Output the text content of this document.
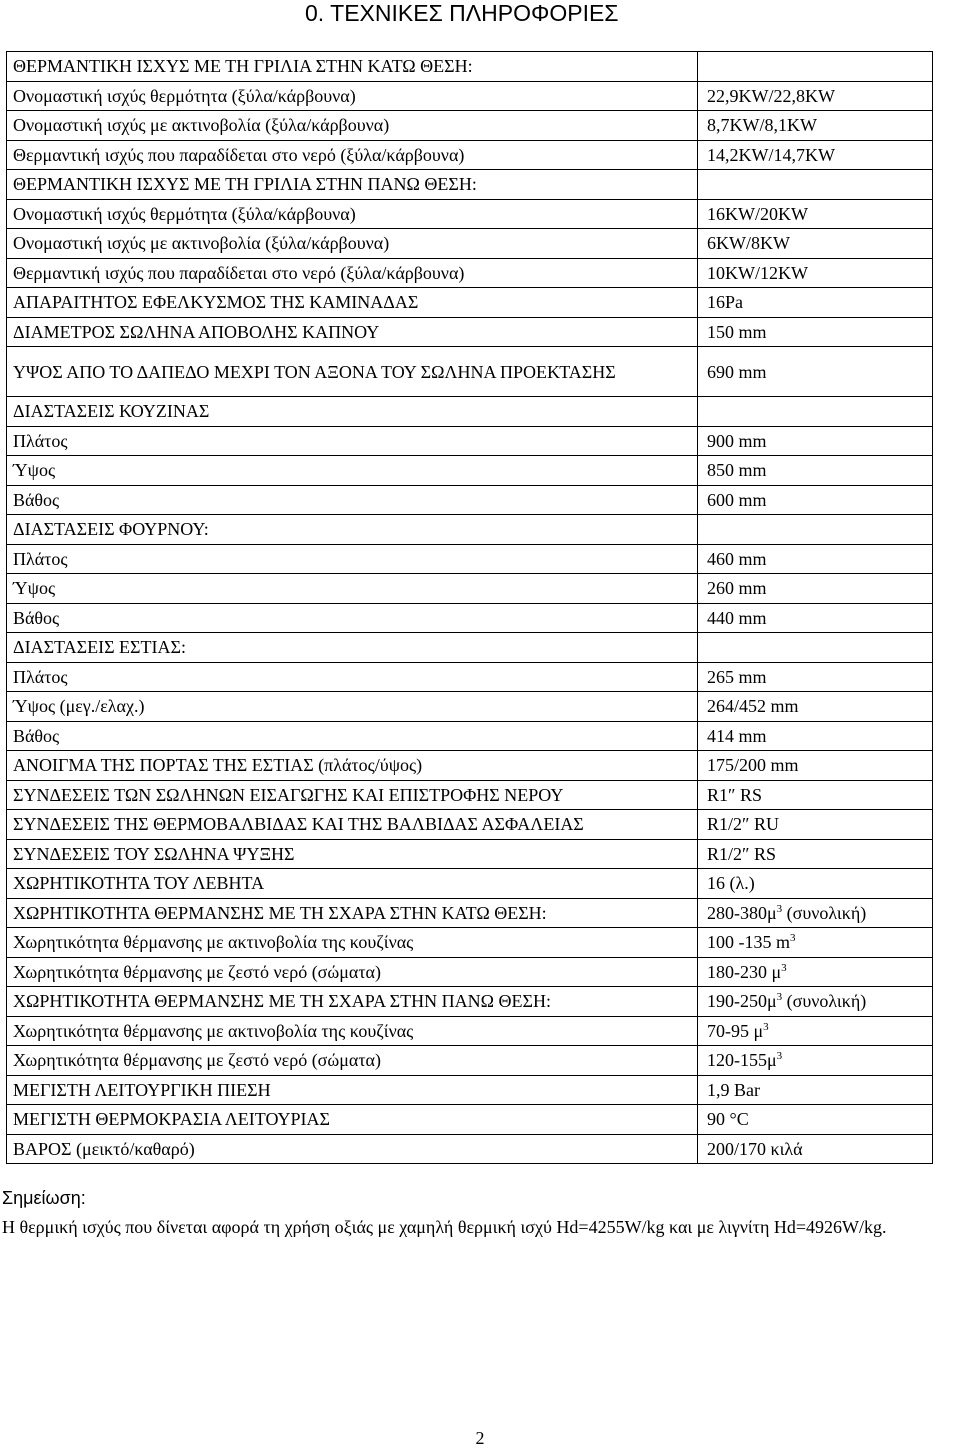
0. ΤΕΧΝΙΚΕΣ ΠΛΗΡΟΦΟΡΙΕΣ
ΘΕΡΜΑΝΤΙΚΗ ΙΣΧΥΣ ΜΕ ΤΗ ΓΡΙΛΙΑ ΣΤΗΝ ΚΑΤΩ ΘΕΣΗ:	
Ονομαστική ισχύς θερμότητα (ξύλα/κάρβουνα)	22,9KW/22,8KW
Ονομαστική ισχύς με ακτινοβολία (ξύλα/κάρβουνα)	8,7KW/8,1KW
Θερμαντική ισχύς που παραδίδεται στο νερό (ξύλα/κάρβουνα)	14,2KW/14,7KW
ΘΕΡΜΑΝΤΙΚΗ ΙΣΧΥΣ ΜΕ ΤΗ ΓΡΙΛΙΑ ΣΤΗΝ ΠΑΝΩ ΘΕΣΗ:	
Ονομαστική ισχύς θερμότητα (ξύλα/κάρβουνα)	16KW/20KW
Ονομαστική ισχύς με ακτινοβολία (ξύλα/κάρβουνα)	6KW/8KW
Θερμαντική ισχύς που παραδίδεται στο νερό (ξύλα/κάρβουνα)	10KW/12KW
ΑΠΑΡΑΙΤΗΤΟΣ ΕΦΕΛΚΥΣΜΟΣ ΤΗΣ ΚΑΜΙΝΑΔΑΣ	16Pa
ΔΙΑΜΕΤΡΟΣ ΣΩΛΗΝΑ ΑΠΟΒΟΛΗΣ ΚΑΠΝΟΥ	150 mm
ΥΨΟΣ ΑΠΟ ΤΟ ΔΑΠΕΔΟ ΜΕΧΡΙ ΤΟΝ ΑΞΟΝΑ ΤΟΥ ΣΩΛΗΝΑ ΠΡΟΕΚΤΑΣΗΣ	690 mm
ΔΙΑΣΤΑΣΕΙΣ ΚΟΥΖΙΝΑΣ	
Πλάτος	900 mm
Ύψος	850 mm
Βάθος	600 mm
ΔΙΑΣΤΑΣΕΙΣ ΦΟΥΡΝΟΥ:	
Πλάτος	460 mm
Ύψος	260 mm
Βάθος	440 mm
ΔΙΑΣΤΑΣΕΙΣ ΕΣΤΙΑΣ:	
Πλάτος	265 mm
Ύψος (μεγ./ελαχ.)	264/452 mm
Βάθος	414 mm
ΑΝΟΙΓΜΑ ΤΗΣ ΠΟΡΤΑΣ ΤΗΣ ΕΣΤΙΑΣ (πλάτος/ύψος)	175/200 mm
ΣΥΝΔΕΣΕΙΣ ΤΩΝ ΣΩΛΗΝΩΝ ΕΙΣΑΓΩΓΗΣ ΚΑΙ ΕΠΙΣΤΡΟΦΗΣ ΝΕΡΟΥ	R1″ RS
ΣΥΝΔΕΣΕΙΣ ΤΗΣ ΘΕΡΜΟΒΑΛΒΙΔΑΣ ΚΑΙ ΤΗΣ ΒΑΛΒΙΔΑΣ ΑΣΦΑΛΕΙΑΣ	R1/2″ RU
ΣΥΝΔΕΣΕΙΣ ΤΟΥ ΣΩΛΗΝΑ ΨΥΞΗΣ	R1/2″ RS
ΧΩΡΗΤΙΚΟΤΗΤΑ ΤΟΥ ΛΕΒΗΤΑ	16 (λ.)
ΧΩΡΗΤΙΚΟΤΗΤΑ ΘΕΡΜΑΝΣΗΣ ΜΕ ΤΗ ΣΧΑΡΑ ΣΤΗΝ ΚΑΤΩ ΘΕΣΗ:	$280-380\mu^3$ (συνολική)
Χωρητικότητα θέρμανσης με ακτινοβολία της κουζίνας	100 -135 $m^3$
Χωρητικότητα θέρμανσης με ζεστό νερό (σώματα)	180-230 $\mu^3$
ΧΩΡΗΤΙΚΟΤΗΤΑ ΘΕΡΜΑΝΣΗΣ ΜΕ ΤΗ ΣΧΑΡΑ ΣΤΗΝ ΠΑΝΩ ΘΕΣΗ:	$190-250\mu^3$ (συνολική)
Χωρητικότητα θέρμανσης με ακτινοβολία της κουζίνας	70-95 $\mu^3$
Χωρητικότητα θέρμανσης με ζεστό νερό (σώματα)	$120-155\mu^3$
ΜΕΓΙΣΤΗ ΛΕΙΤΟΥΡΓΙΚΗ ΠΙΕΣΗ	1,9 Bar
ΜΕΓΙΣΤΗ ΘΕΡΜΟΚΡΑΣΙΑ ΛΕΙΤΟΥΡΙΑΣ	90 °C
ΒΑΡΟΣ (μεικτό/καθαρό)	200/170 κιλά
Σημείωση:
Η θερμική ισχύς που δίνεται αφορά τη χρήση οξιάς με χαμηλή θερμική ισχύ Hd=4255W/kg και με λιγνίτη Hd=4926W/kg.
2
